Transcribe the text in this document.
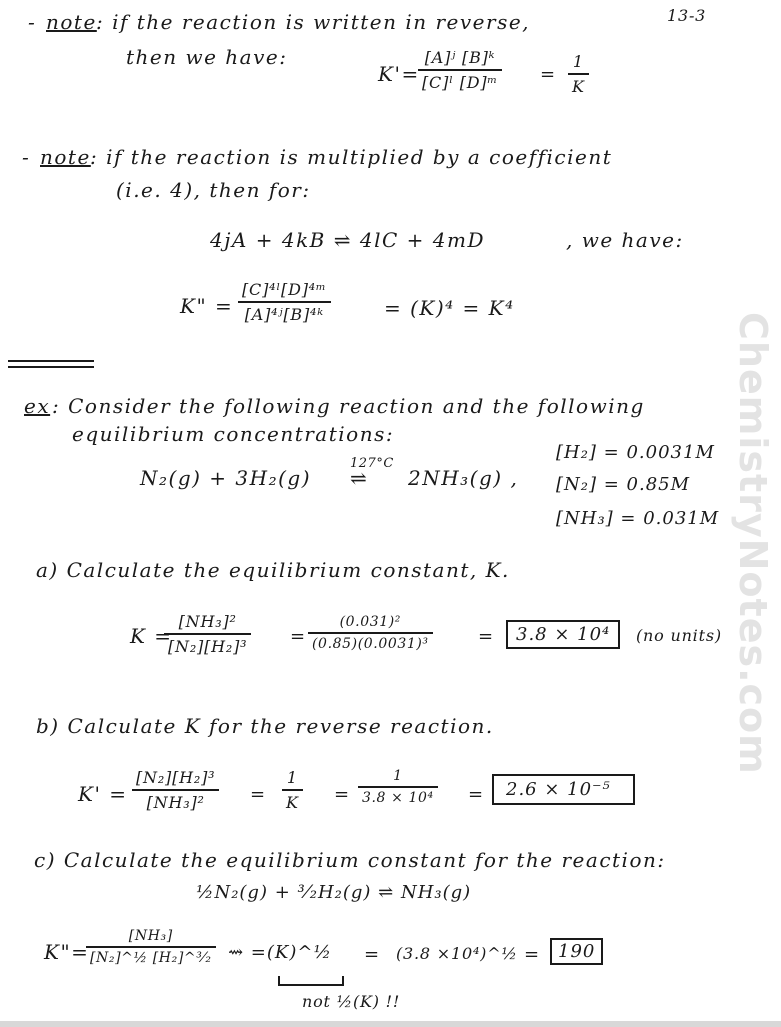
13-3
ChemistryNotes.com
- note : if the reaction is written in reverse,
then we have:
K'=
[A]ʲ [B]ᵏ
[C]ˡ [D]ᵐ =
1
K
- note : if the reaction is multiplied by a coefficient
(i.e. 4), then for:
4jA + 4kB ⇌ 4lC + 4mD	, we have:
K" =
[C]⁴ˡ[D]⁴ᵐ
[A]⁴ʲ[B]⁴ᵏ	= (K)⁴ = K⁴
ex : Consider the following reaction and the following
equilibrium concentrations:
[H₂] = 0.0031M
N₂(g) + 3H₂(g)
127°C
⇌ 2NH₃(g) , [N₂] = 0.85M
[NH₃] = 0.031M
a) Calculate the equilibrium constant, K.
K =
[NH₃]²
[N₂][H₂]³ =
(0.031)²
(0.85)(0.0031)³	=	3.8 × 10⁴	(no units)
b) Calculate K for the reverse reaction.
K' =
[N₂][H₂]³
[NH₃]²	=
1
K =
1
3.8 × 10⁴ =	2.6 × 10⁻⁵
c) Calculate the equilibrium constant for the reaction:
½N₂(g) + ³⁄₂H₂(g) ⇌ NH₃(g)
K"=
[NH₃]
[N₂]^½ [H₂]^³⁄₂ ⇝ =(K)^½ = (3.8 ×10⁴)^½ = 190
not ½(K) !!
